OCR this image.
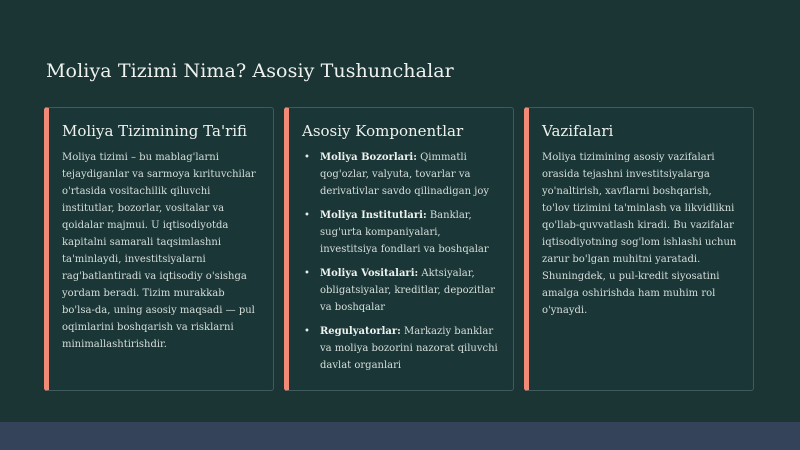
Moliya Tizimi Nima? Asosiy Tushunchalar
Moliya Tizimining Ta'rifi

Moliya tizimi – bu mablag'larni tejaydiganlar va sarmoya kırituvchilar o'rtasida vositachilik qiluvchi institutlar, bozorlar, vositalar va qoidalar majmui. U iqtisodiyotda kapitalni samarali taqsimlashni ta'minlaydi, investitsiyalarni rag'batlantiradi va iqtisodiy o'sishga yordam beradi. Tizim murakkab bo'lsa-da, uning asosiy maqsadi — pul oqimlarini boshqarish va risklarni minimallashtirishdir.

Asosiy Komponentlar
• Moliya Bozorlari: Qimmatli qog'ozlar, valyuta, tovarlar va derivativlar savdo qilinadigan joy
• Moliya Institutlari: Banklar, sug'urta kompaniyalari, investitsiya fondlari va boshqalar
• Moliya Vositalari: Aktsiyalar, obligatsiyalar, kreditlar, depozitlar va boshqalar
• Regulyatorlar: Markaziy banklar va moliya bozorini nazorat qiluvchi davlat organlari
Vazifalari

Moliya tizimining asosiy vazifalari orasida tejashni investitsiyalarga yo'naltirish, xavflarni boshqarish, to'lov tizimini ta'minlash va likvidlikni qo'llab-quvvatlash kiradi. Bu vazifalar iqtisodiyotning sog'lom ishlashi uchun zarur bo'lgan muhitni yaratadi. Shuningdek, u pul-kredit siyosatini amalga oshirishda ham muhim rol o'ynaydi.
